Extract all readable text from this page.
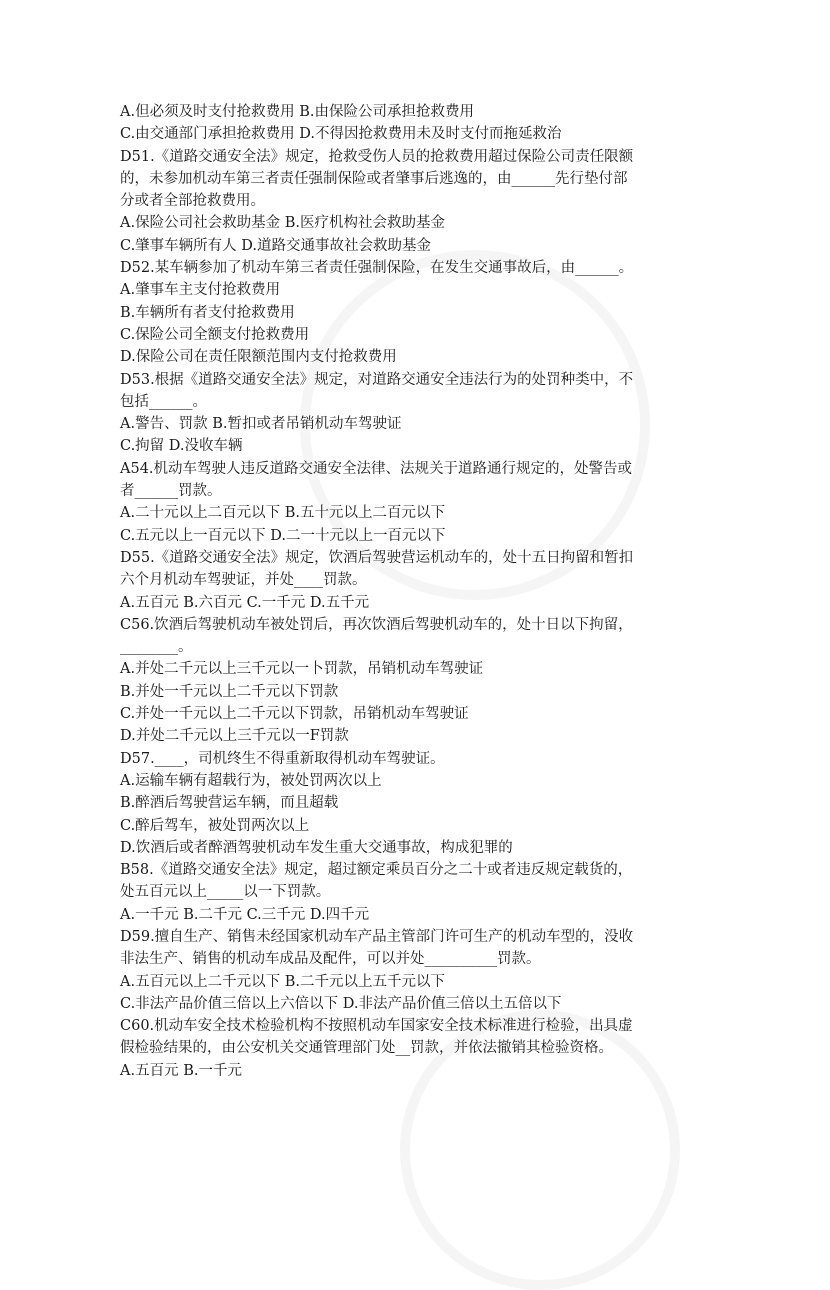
A.但必须及时支付抢救费用 B.由保险公司承担抢救费用
C.由交通部门承担抢救费用 D.不得因抢救费用未及时支付而拖延救治
D51.《道路交通安全法》规定，抢救受伤人员的抢救费用超过保险公司责任限额
的，未参加机动车第三者责任强制保险或者肇事后逃逸的，由______先行垫付部
分或者全部抢救费用。
A.保险公司社会救助基金 B.医疗机构社会救助基金
C.肇事车辆所有人 D.道路交通事故社会救助基金
D52.某车辆参加了机动车第三者责任强制保险，在发生交通事故后，由______。
A.肇事车主支付抢救费用
B.车辆所有者支付抢救费用
C.保险公司全额支付抢救费用
D.保险公司在责任限额范围内支付抢救费用
D53.根据《道路交通安全法》规定，对道路交通安全违法行为的处罚种类中，不
包括______。
A.警告、罚款 B.暂扣或者吊销机动车驾驶证
C.拘留 D.没收车辆
A54.机动车驾驶人违反道路交通安全法律、法规关于道路通行规定的，处警告或
者______罚款。
A.二十元以上二百元以下 B.五十元以上二百元以下
C.五元以上一百元以下 D.二一十元以上一百元以下
D55.《道路交通安全法》规定，饮酒后驾驶营运机动车的，处十五日拘留和暂扣
六个月机动车驾驶证，并处____罚款。
A.五百元 B.六百元 C.一千元 D.五千元
C56.饮酒后驾驶机动车被处罚后，再次饮酒后驾驶机动车的，处十日以下拘留，
________。
A.并处二千元以上三千元以一卜罚款，吊销机动车驾驶证
B.并处一千元以上二千元以下罚款
C.并处一千元以上二千元以下罚款，吊销机动车驾驶证
D.并处二千元以上三千元以一F罚款
D57.____，司机终生不得重新取得机动车驾驶证。
A.运输车辆有超载行为，被处罚两次以上
B.醉酒后驾驶营运车辆，而且超载
C.醉后驾车，被处罚两次以上
D.饮酒后或者醉酒驾驶机动车发生重大交通事故，构成犯罪的
B58.《道路交通安全法》规定，超过额定乘员百分之二十或者违反规定载货的，
处五百元以上_____以一下罚款。
A.一千元 B.二千元 C.三千元 D.四千元
D59.擅自生产、销售未经国家机动车产品主管部门许可生产的机动车型的，没收
非法生产、销售的机动车成品及配件，可以并处__________罚款。
A.五百元以上二千元以下 B.二千元以上五千元以下
C.非法产品价值三倍以上六倍以下 D.非法产品价值三倍以土五倍以下
C60.机动车安全技术检验机构不按照机动车国家安全技术标准进行检验，出具虚
假检验结果的，由公安机关交通管理部门处__罚款，并依法撤销其检验资格。
A.五百元 B.一千元
